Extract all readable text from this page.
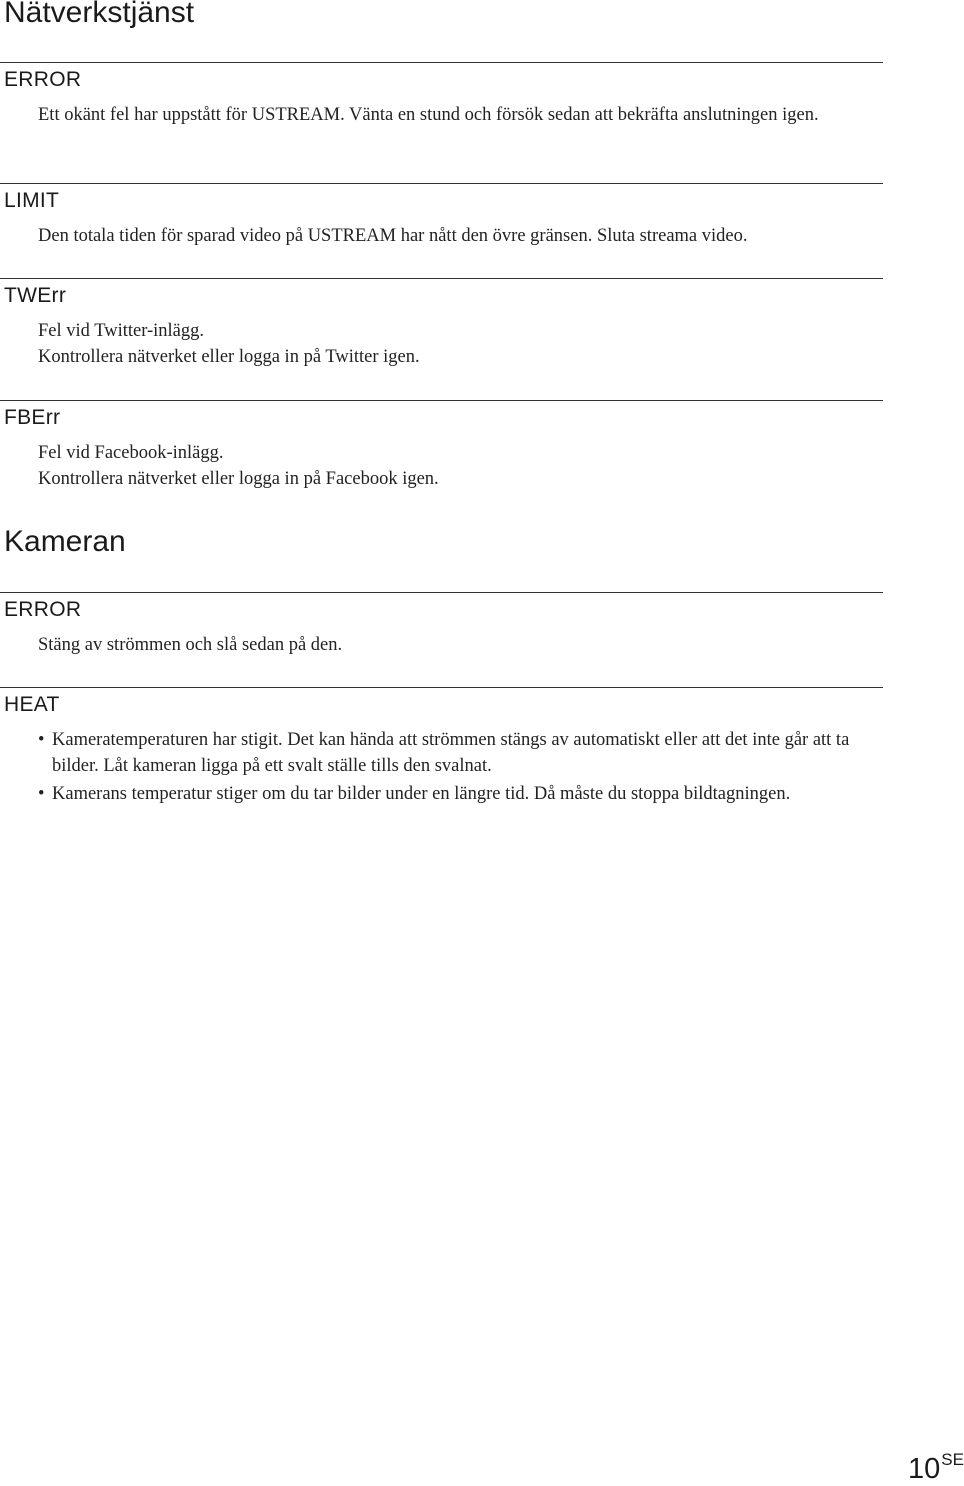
Nätverkstjänst
ERROR

Ett okänt fel har uppstått för USTREAM. Vänta en stund och försök sedan att bekräfta anslutningen igen.

LIMIT

Den totala tiden för sparad video på USTREAM har nått den övre gränsen. Sluta streama video.

TWErr

Fel vid Twitter-inlägg.

Kontrollera nätverket eller logga in på Twitter igen.

FBErr

Fel vid Facebook-inlägg.

Kontrollera nätverket eller logga in på Facebook igen.

Kameran
ERROR

Stäng av strömmen och slå sedan på den.

HEAT
• Kameratemperaturen har stigit. Det kan hända att strömmen stängs av automatiskt eller att det inte går att ta bilder. Låt kameran ligga på ett svalt ställe tills den svalnat.
• Kamerans temperatur stiger om du tar bilder under en längre tid. Då måste du stoppa bildtagningen.
$10^{SE}$
